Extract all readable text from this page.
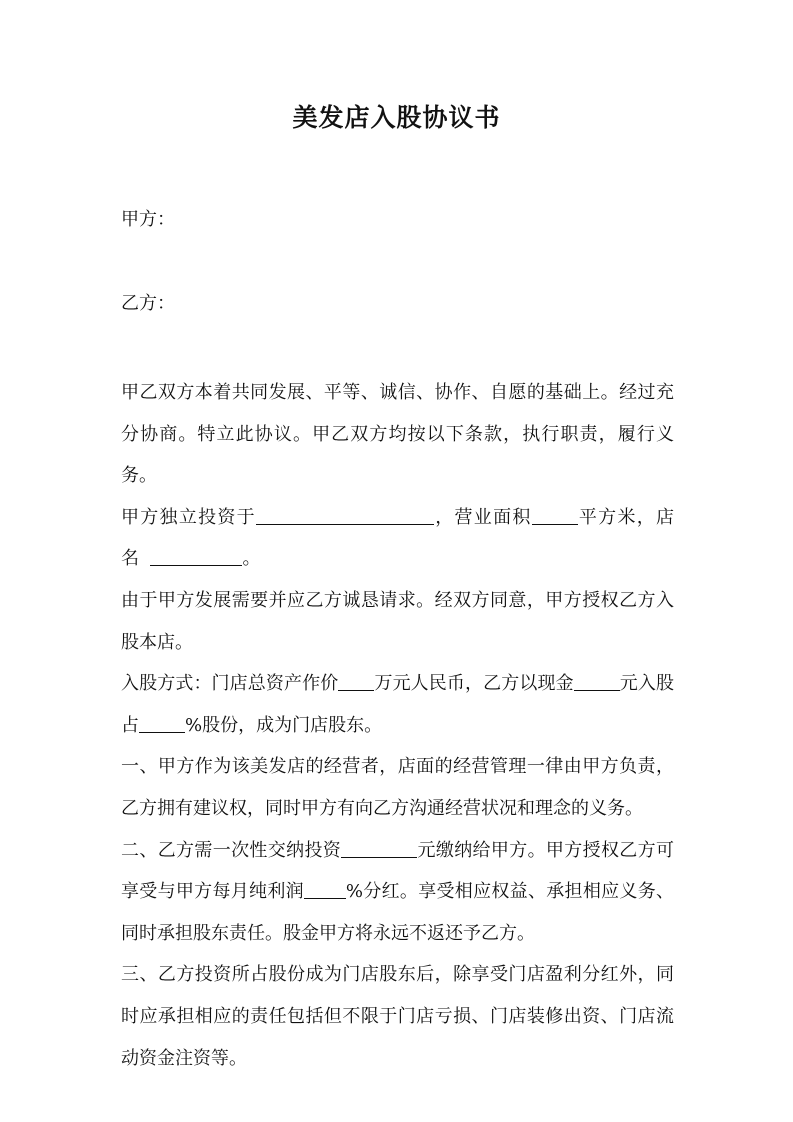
美发店入股协议书
甲方：
乙方：

甲乙双方本着共同发展、平等、诚信、协作、自愿的基础上。经过充分协商。特立此协议。甲乙双方均按以下条款，执行职责，履行义务。

甲方独立投资于	，营业面积	平方米，店名	。

由于甲方发展需要并应乙方诚恳请求。经双方同意，甲方授权乙方入股本店。

入股方式：门店总资产作价 万元人民币，乙方以现金	元入股占	%股份，成为门店股东。

一、甲方作为该美发店的经营者，店面的经营管理一律由甲方负责，乙方拥有建议权，同时甲方有向乙方沟通经营状况和理念的义务。

二、乙方需一次性交纳投资	元缴纳给甲方。甲方授权乙方可享受与甲方每月纯利润 %分红。享受相应权益、承担相应义务、同时承担股东责任。股金甲方将永远不返还予乙方。

三、乙方投资所占股份成为门店股东后，除享受门店盈利分红外，同时应承担相应的责任包括但不限于门店亏损、门店装修出资、门店流动资金注资等。
